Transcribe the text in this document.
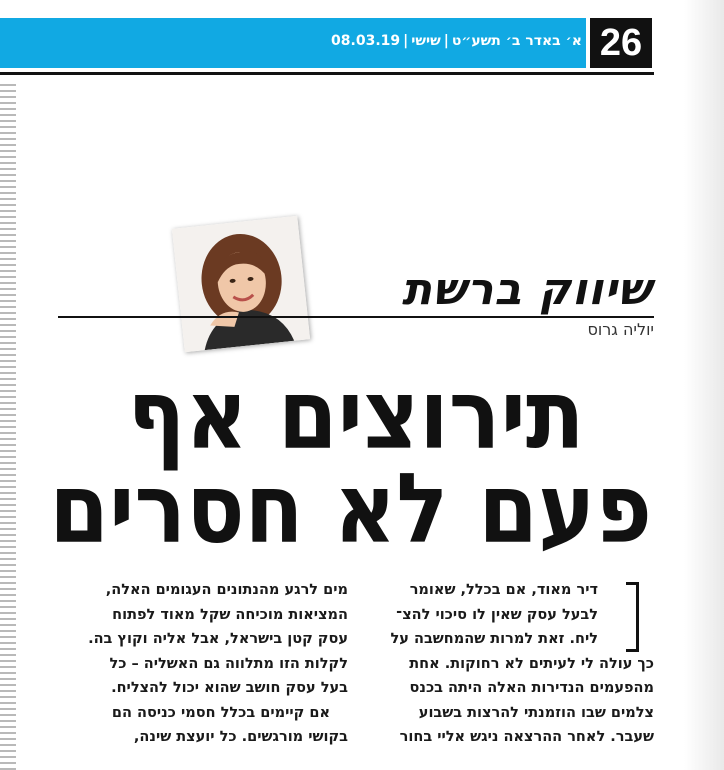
א׳ באדר ב׳ תשע״ט|שישי|08.03.19	26
שיווק ברשת
יוליה גרוס
תירוצים אף
פעם לא חסרים
דיר מאוד, אם בכלל, שאומר
לבעל עסק שאין לו סיכוי להצ־
ליח. זאת למרות שהמחשבה על
כך עולה לי לעיתים לא רחוקות. אחת
מהפעמים הנדירות האלה היתה בכנס
צלמים שבו הוזמנתי להרצות בשבוע
שעבר. לאחר ההרצאה ניגש אליי בחור
מים לרגע מהנתונים העגומים האלה,
המציאות מוכיחה שקל מאוד לפתוח
עסק קטן בישראל, אבל אליה וקוץ בה.
לקלות הזו מתלווה גם האשליה – כל
בעל עסק חושב שהוא יכול להצליח.
אם קיימים בכלל חסמי כניסה הם
בקושי מורגשים. כל יועצת שינה,
